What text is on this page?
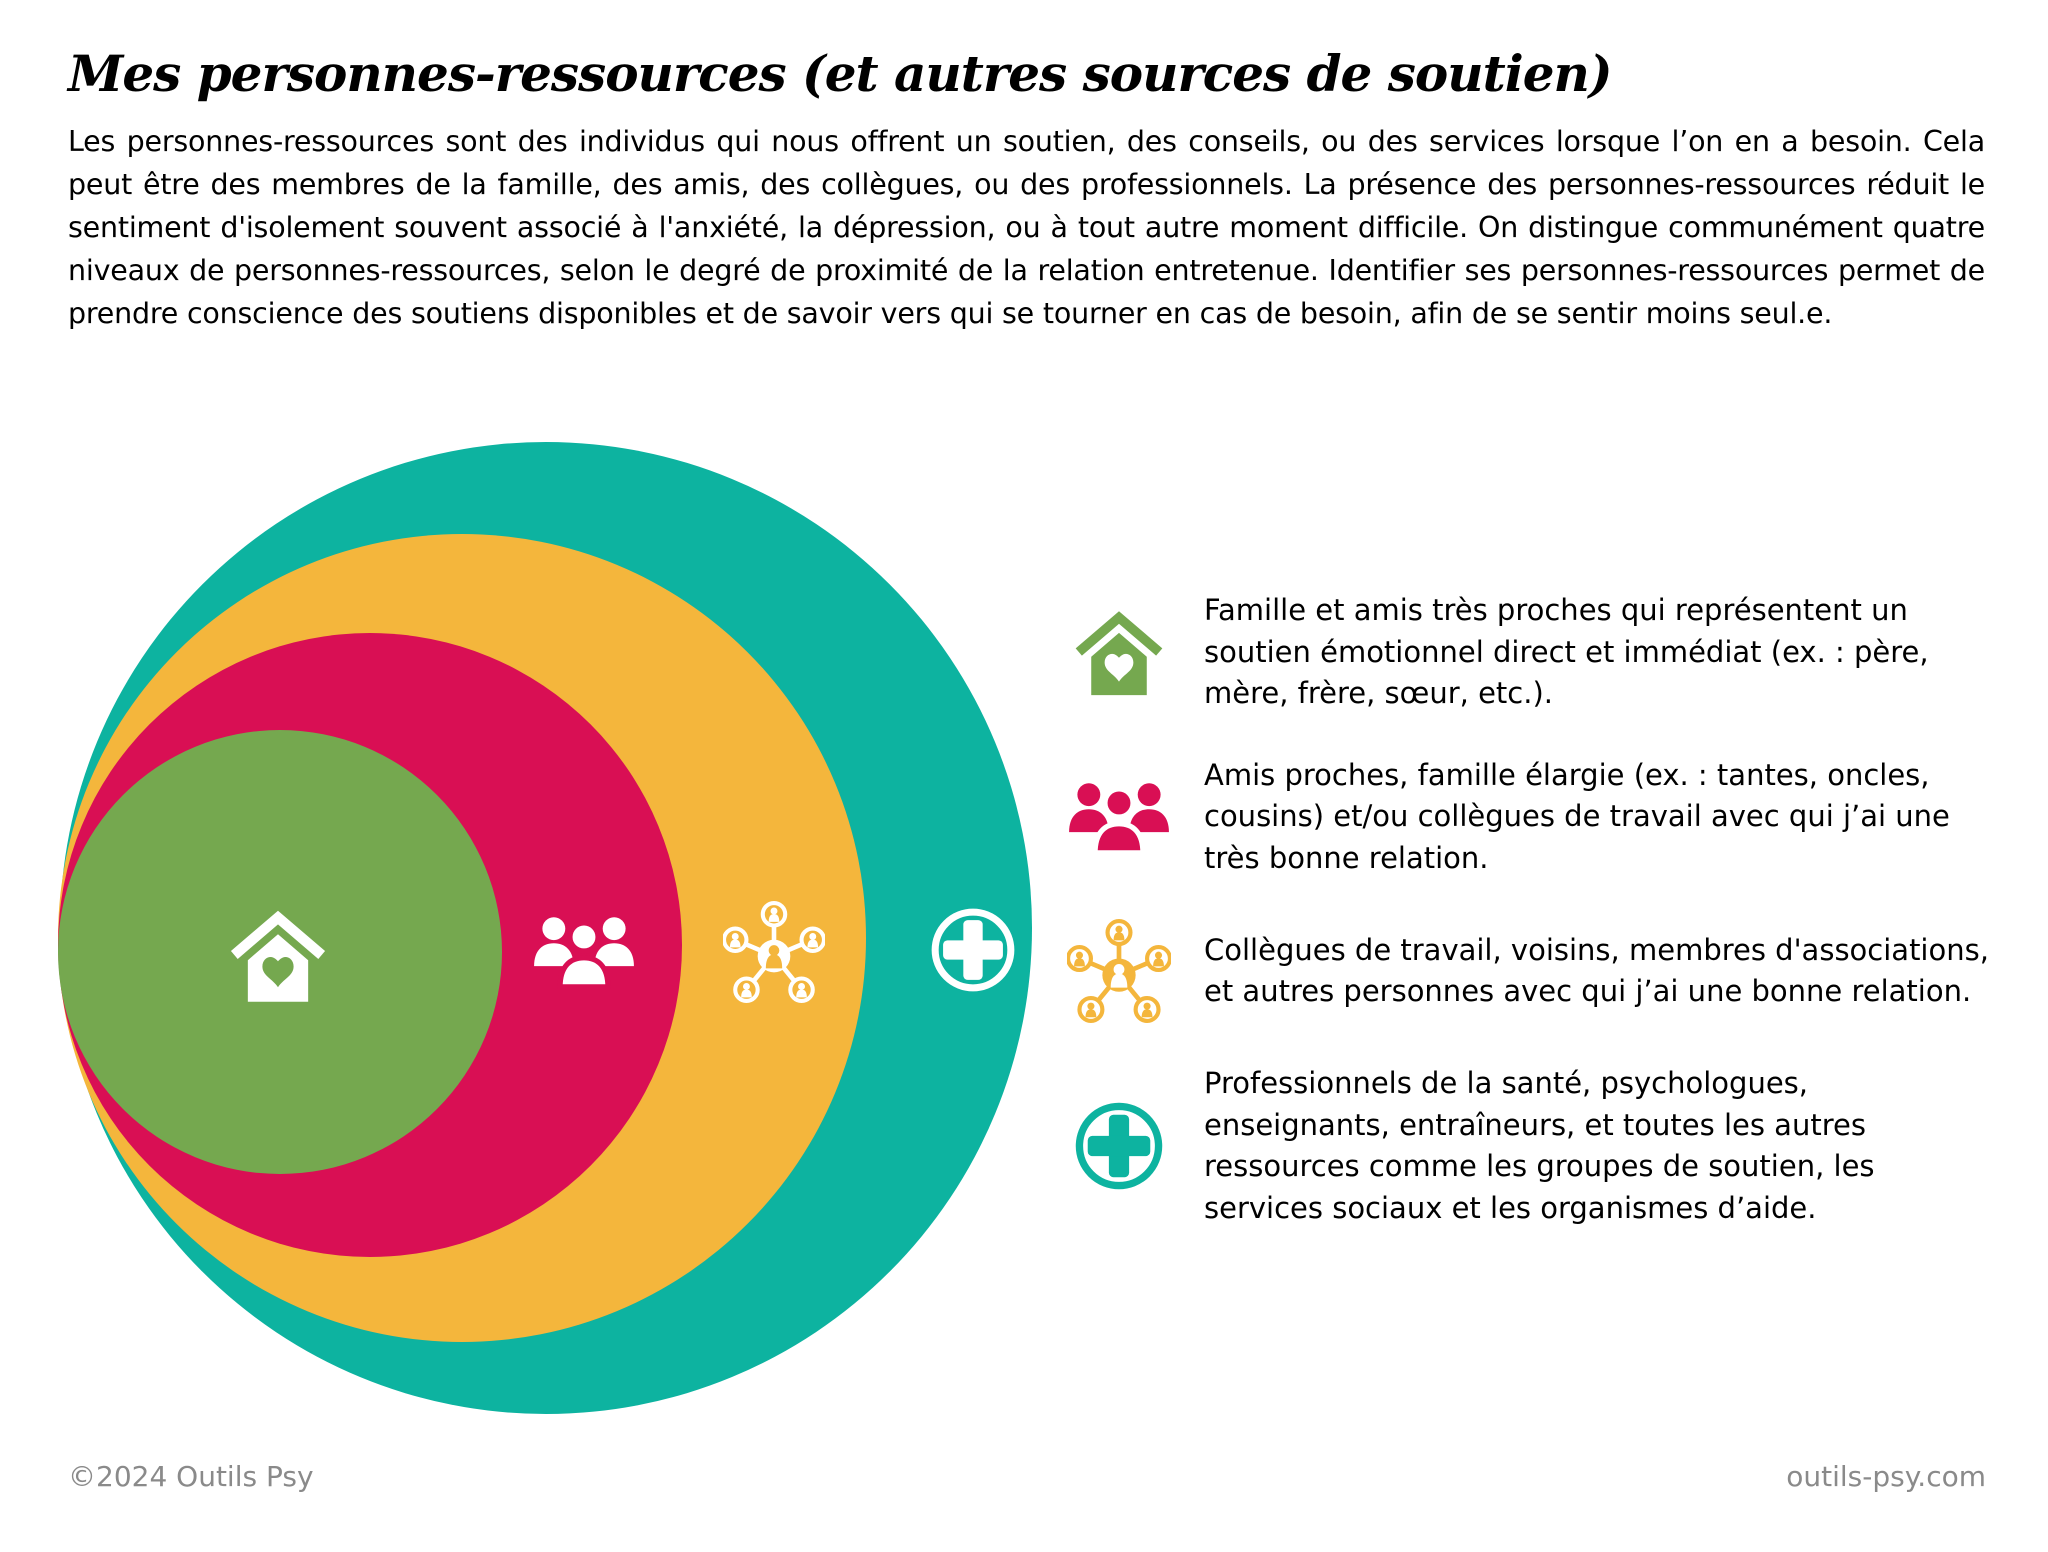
Mes personnes-ressources (et autres sources de soutien)

Les personnes-ressources sont des individus qui nous offrent un soutien, des conseils, ou des services lorsque l’on en a besoin. Cela peut être des membres de la famille, des amis, des collègues, ou des professionnels. La présence des personnes-ressources réduit le sentiment d'isolement souvent associé à l'anxiété, la dépression, ou à tout autre moment difficile. On distingue communément quatre niveaux de personnes-ressources, selon le degré de proximité de la relation entretenue. Identifier ses personnes-ressources permet de prendre conscience des soutiens disponibles et de savoir vers qui se tourner en cas de besoin, afin de se sentir moins seul.e.

Famille et amis très proches qui représentent un soutien émotionnel direct et immédiat (ex. : père, mère, frère, sœur, etc.).
Amis proches, famille élargie (ex. : tantes, oncles, cousins) et/ou collègues de travail avec qui j’ai une très bonne relation.
Collègues de travail, voisins, membres d'associations, et autres personnes avec qui j’ai une bonne relation.
Professionnels de la santé, psychologues, enseignants, entraîneurs, et toutes les autres ressources comme les groupes de soutien, les services sociaux et les organismes d’aide.
©2024 Outils Psy	outils-psy.com
